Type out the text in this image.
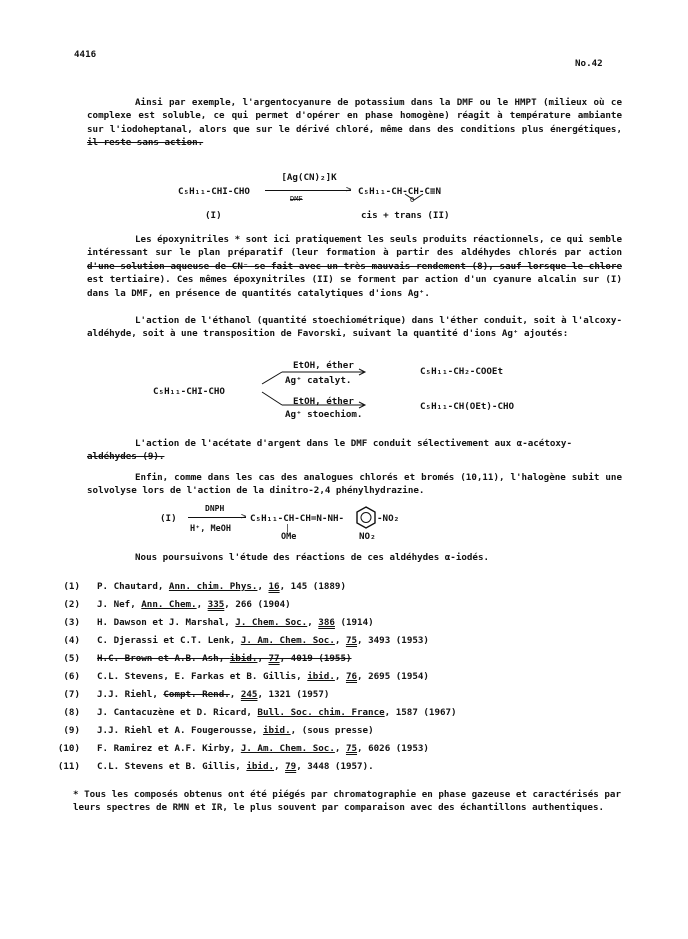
4416
No.42

Ainsi par exemple, l'argentocyanure de potassium dans la DMF ou le HMPT (milieux où ce complexe est soluble, ce qui permet d'opérer en phase homogène) réagit à température ambiante sur l'iodoheptanal, alors que sur le dérivé chloré, même dans des conditions plus énergétiques, il reste sans action.

C₅H₁₁-CHI-CHO
[Ag(CN)₂]K
>
DMF
C₅H₁₁-CH-CH-C≡N
O
(I)	cis + trans (II)

Les époxynitriles * sont ici pratiquement les seuls produits réactionnels, ce qui semble intéressant sur le plan préparatif (leur formation à partir des aldéhydes chlorés par action d'une solution aqueuse de CN⁻ se fait avec un très mauvais rendement (8), sauf lorsque le chlore est tertiaire). Ces mêmes époxynitriles (II) se forment par action d'un cyanure alcalin sur (I) dans la DMF, en présence de quantités catalytiques d'ions Ag⁺.

L'action de l'éthanol (quantité stoechiométrique) dans l'éther conduit, soit à l'alcoxy-aldéhyde, soit à une transposition de Favorski, suivant la quantité d'ions Ag⁺ ajoutés:

C₅H₁₁-CHI-CHO
EtOH, éther
Ag⁺ catalyt.
C₅H₁₁-CH₂-COOEt
EtOH, éther
Ag⁺ stoechiom.
C₅H₁₁-CH(OEt)-CHO

L'action de l'acétate d'argent dans le DMF conduit sélectivement aux α-acétoxy-
aldéhydes (9).

Enfin, comme dans les cas des analogues chlorés et bromés (10,11), l'halogène subit une solvolyse lors de l'action de la dinitro-2,4 phénylhydrazine.

(I)
DNPH
>
H⁺, MeOH
C₅H₁₁-CH-CH=N-NH-
|
OMe
-NO₂
NO₂

Nous poursuivons l'étude des réactions de ces aldéhydes α-iodés.

(1) P. Chautard, Ann. chim. Phys., 16, 145 (1889)
(2) J. Nef, Ann. Chem., 335, 266 (1904)
(3) H. Dawson et J. Marshal, J. Chem. Soc., 386 (1914)
(4) C. Djerassi et C.T. Lenk, J. Am. Chem. Soc., 75, 3493 (1953)
(5) H.C. Brown et A.B. Ash, ibid., 77, 4019 (1955)
(6) C.L. Stevens, E. Farkas et B. Gillis, ibid., 76, 2695 (1954)
(7) J.J. Riehl, Compt. Rend., 245, 1321 (1957)
(8) J. Cantacuzène et D. Ricard, Bull. Soc. chim. France, 1587 (1967)
(9) J.J. Riehl et A. Fougerousse, ibid., (sous presse)
(10) F. Ramirez et A.F. Kirby, J. Am. Chem. Soc., 75, 6026 (1953)
(11) C.L. Stevens et B. Gillis, ibid., 79, 3448 (1957).

* Tous les composés obtenus ont été piégés par chromatographie en phase gazeuse et caractérisés par leurs spectres de RMN et IR, le plus souvent par comparaison avec des échantillons authentiques.
